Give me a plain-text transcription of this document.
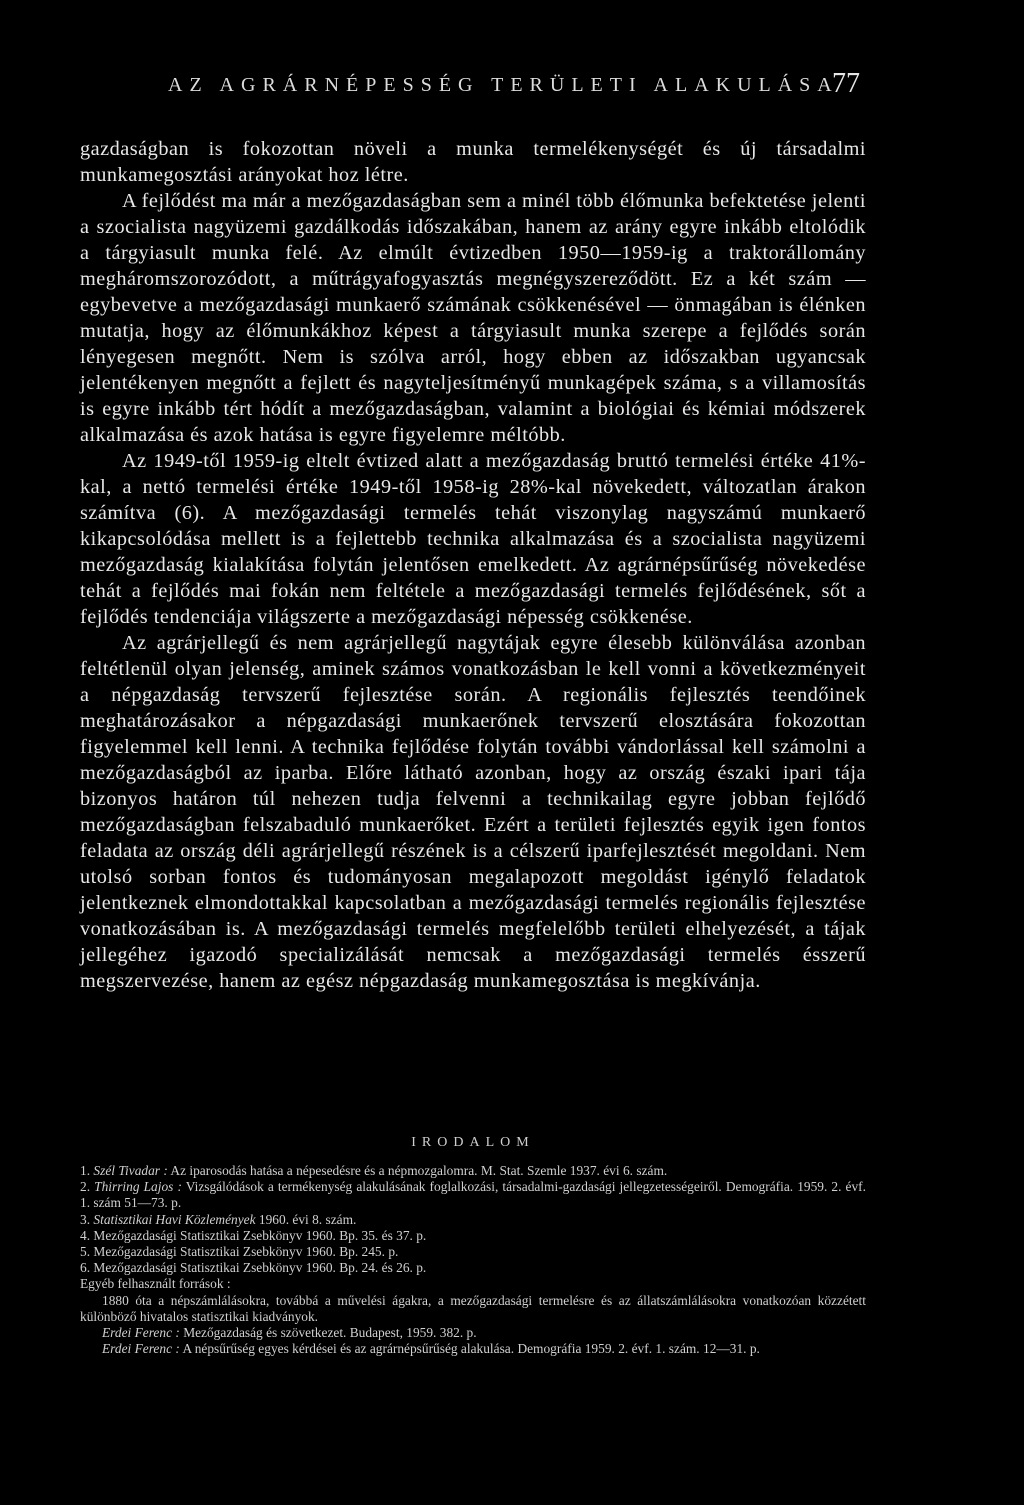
AZ AGRÁRNÉPESSÉG TERÜLETI ALAKULÁSA
77

gazdaságban is fokozottan növeli a munka termelékenységét és új társadalmi munkamegosztási arányokat hoz létre.

A fejlődést ma már a mezőgazdaságban sem a minél több élőmunka befektetése jelenti a szocialista nagyüzemi gazdálkodás időszakában, hanem az arány egyre inkább eltolódik a tárgyiasult munka felé. Az elmúlt évtizedben 1950—1959-ig a traktorállomány megháromszorozódott, a műtrágyafogyasztás megnégyszereződött. Ez a két szám — egybevetve a mezőgazdasági munkaerő számának csökkenésével — önmagában is élénken mutatja, hogy az élőmunkákhoz képest a tárgyiasult munka szerepe a fejlődés során lényegesen megnőtt. Nem is szólva arról, hogy ebben az időszakban ugyancsak jelentékenyen megnőtt a fejlett és nagyteljesítményű munkagépek száma, s a villamosítás is egyre inkább tért hódít a mezőgazdaságban, valamint a biológiai és kémiai módszerek alkalmazása és azok hatása is egyre figyelemre méltóbb.

Az 1949-től 1959-ig eltelt évtized alatt a mezőgazdaság bruttó termelési értéke 41%-kal, a nettó termelési értéke 1949-től 1958-ig 28%-kal növekedett, változatlan árakon számítva (6). A mezőgazdasági termelés tehát viszonylag nagyszámú munkaerő kikapcsolódása mellett is a fejlettebb technika alkalmazása és a szocialista nagyüzemi mezőgazdaság kialakítása folytán jelentősen emelkedett. Az agrárnépsűrűség növekedése tehát a fejlődés mai fokán nem feltétele a mezőgazdasági termelés fejlődésének, sőt a fejlődés tendenciája világszerte a mezőgazdasági népesség csökkenése.

Az agrárjellegű és nem agrárjellegű nagytájak egyre élesebb különválása azonban feltétlenül olyan jelenség, aminek számos vonatkozásban le kell vonni a következményeit a népgazdaság tervszerű fejlesztése során. A regionális fejlesztés teendőinek meghatározásakor a népgazdasági munkaerőnek tervszerű elosztására fokozottan figyelemmel kell lenni. A technika fejlődése folytán további vándorlással kell számolni a mezőgazdaságból az iparba. Előre látható azonban, hogy az ország északi ipari tája bizonyos határon túl nehezen tudja felvenni a technikailag egyre jobban fejlődő mezőgazdaságban felszabaduló munkaerőket. Ezért a területi fejlesztés egyik igen fontos feladata az ország déli agrárjellegű részének is a célszerű iparfejlesztését megoldani. Nem utolsó sorban fontos és tudományosan megalapozott megoldást igénylő feladatok jelentkeznek elmondottakkal kapcsolatban a mezőgazdasági termelés regionális fejlesztése vonatkozásában is. A mezőgazdasági termelés megfelelőbb területi elhelyezését, a tájak jellegéhez igazodó specializálását nemcsak a mezőgazdasági termelés ésszerű megszervezése, hanem az egész népgazdaság munkamegosztása is megkívánja.

IRODALOM

1. Szél Tivadar : Az iparosodás hatása a népesedésre és a népmozgalomra. M. Stat. Szemle 1937. évi 6. szám.

2. Thirring Lajos : Vizsgálódások a termékenység alakulásának foglalkozási, társadalmi-gazdasági jellegzetességeiről. Demográfia. 1959. 2. évf. 1. szám 51—73. p.

3. Statisztikai Havi Közlemények 1960. évi 8. szám.

4. Mezőgazdasági Statisztikai Zsebkönyv 1960. Bp. 35. és 37. p.

5. Mezőgazdasági Statisztikai Zsebkönyv 1960. Bp. 245. p.

6. Mezőgazdasági Statisztikai Zsebkönyv 1960. Bp. 24. és 26. p.

Egyéb felhasznált források :

1880 óta a népszámlálásokra, továbbá a művelési ágakra, a mezőgazdasági termelésre és az állatszámlálásokra vonatkozóan közzétett különböző hivatalos statisztikai kiadványok.

Erdei Ferenc : Mezőgazdaság és szövetkezet. Budapest, 1959. 382. p.

Erdei Ferenc : A népsűrűség egyes kérdései és az agrárnépsűrűség alakulása. Demográfia 1959. 2. évf. 1. szám. 12—31. p.
